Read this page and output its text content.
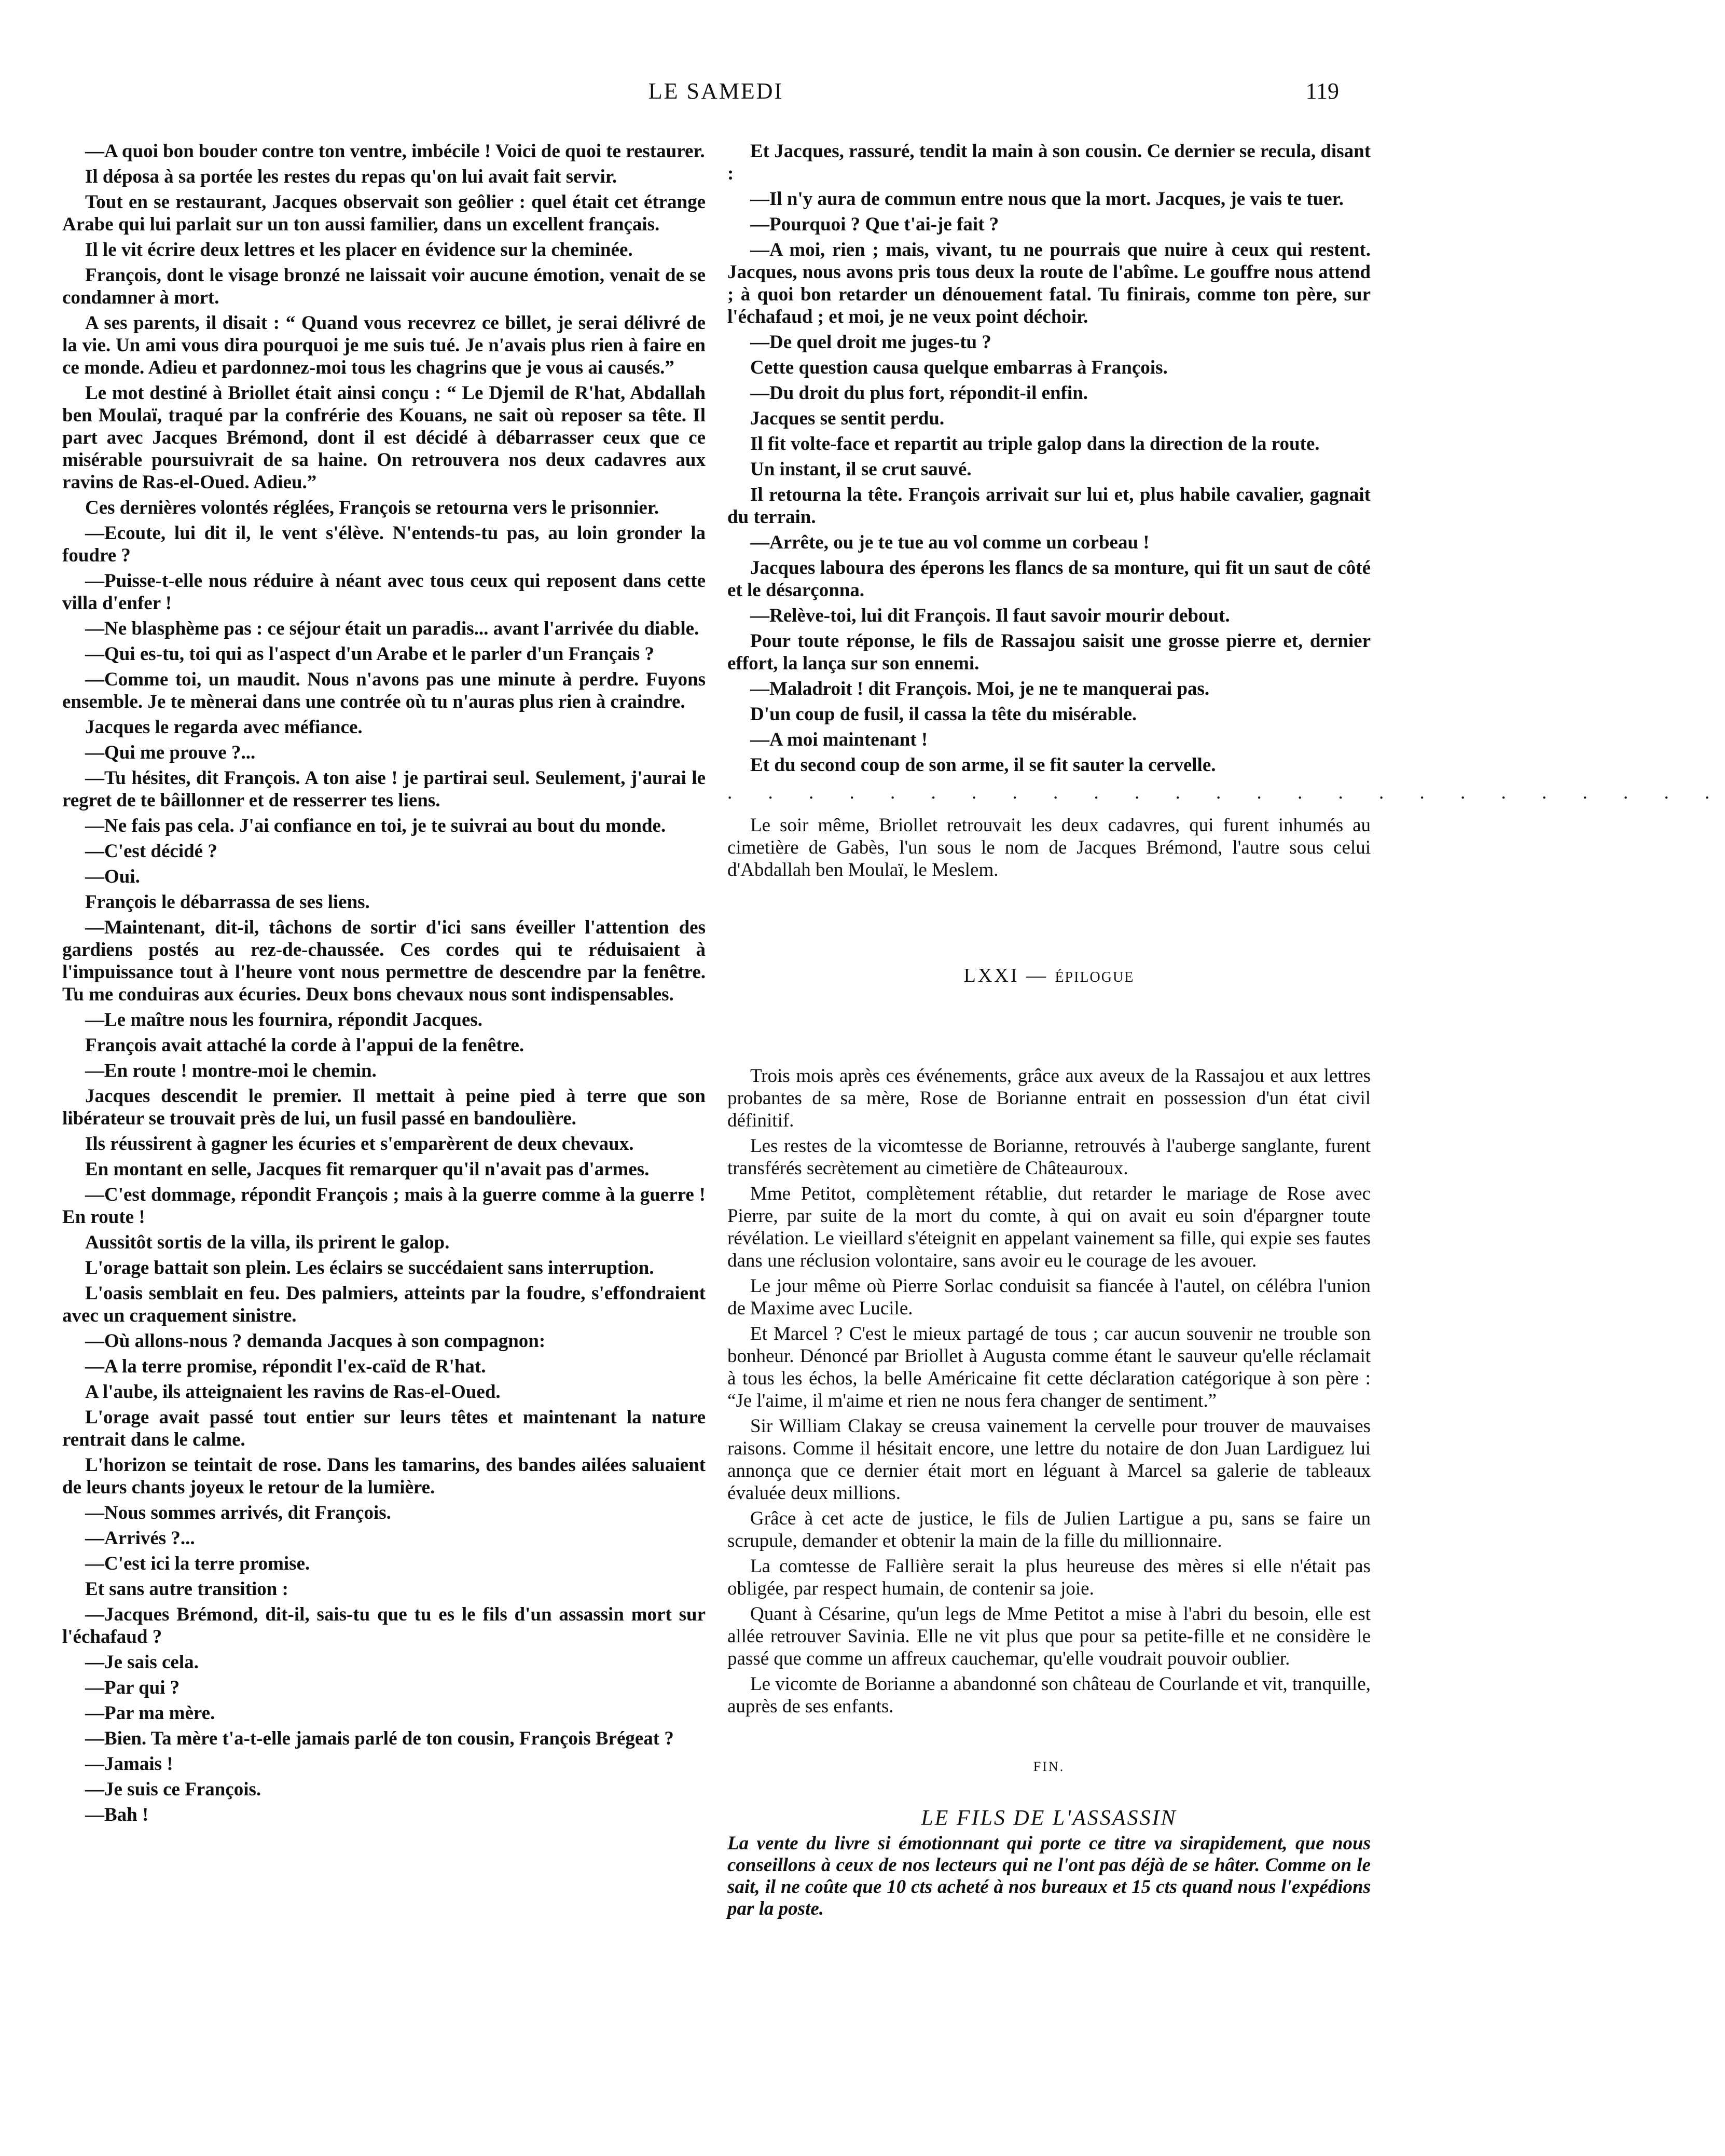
LE SAMEDI	119

—A quoi bon bouder contre ton ventre, imbécile ! Voici de quoi te restaurer.

Il déposa à sa portée les restes du repas qu'on lui avait fait servir.

Tout en se restaurant, Jacques observait son geôlier : quel était cet étrange Arabe qui lui parlait sur un ton aussi familier, dans un excellent français.

Il le vit écrire deux lettres et les placer en évidence sur la cheminée.

François, dont le visage bronzé ne laissait voir aucune émotion, venait de se condamner à mort.

A ses parents, il disait : “ Quand vous recevrez ce billet, je serai délivré de la vie. Un ami vous dira pourquoi je me suis tué. Je n'avais plus rien à faire en ce monde. Adieu et pardonnez-moi tous les chagrins que je vous ai causés.”

Le mot destiné à Briollet était ainsi conçu : “ Le Djemil de R'hat, Abdallah ben Moulaï, traqué par la confrérie des Kouans, ne sait où reposer sa tête. Il part avec Jacques Brémond, dont il est décidé à débarrasser ceux que ce misérable poursuivrait de sa haine. On retrouvera nos deux cadavres aux ravins de Ras-el-Oued. Adieu.”

Ces dernières volontés réglées, François se retourna vers le prisonnier.

—Ecoute, lui dit il, le vent s'élève. N'entends-tu pas, au loin gronder la foudre ?

—Puisse-t-elle nous réduire à néant avec tous ceux qui reposent dans cette villa d'enfer !

—Ne blasphème pas : ce séjour était un paradis... avant l'arrivée du diable.

—Qui es-tu, toi qui as l'aspect d'un Arabe et le parler d'un Français ?

—Comme toi, un maudit. Nous n'avons pas une minute à perdre. Fuyons ensemble. Je te mènerai dans une contrée où tu n'auras plus rien à craindre.

Jacques le regarda avec méfiance.

—Qui me prouve ?...

—Tu hésites, dit François. A ton aise ! je partirai seul. Seulement, j'aurai le regret de te bâillonner et de resserrer tes liens.

—Ne fais pas cela. J'ai confiance en toi, je te suivrai au bout du monde.

—C'est décidé ?

—Oui.

François le débarrassa de ses liens.

—Maintenant, dit-il, tâchons de sortir d'ici sans éveiller l'attention des gardiens postés au rez-de-chaussée. Ces cordes qui te réduisaient à l'impuissance tout à l'heure vont nous permettre de descendre par la fenêtre. Tu me conduiras aux écuries. Deux bons chevaux nous sont indispensables.

—Le maître nous les fournira, répondit Jacques.

François avait attaché la corde à l'appui de la fenêtre.

—En route ! montre-moi le chemin.

Jacques descendit le premier. Il mettait à peine pied à terre que son libérateur se trouvait près de lui, un fusil passé en bandoulière.

Ils réussirent à gagner les écuries et s'emparèrent de deux chevaux.

En montant en selle, Jacques fit remarquer qu'il n'avait pas d'armes.

—C'est dommage, répondit François ; mais à la guerre comme à la guerre ! En route !

Aussitôt sortis de la villa, ils prirent le galop.

L'orage battait son plein. Les éclairs se succédaient sans interruption.

L'oasis semblait en feu. Des palmiers, atteints par la foudre, s'effondraient avec un craquement sinistre.

—Où allons-nous ? demanda Jacques à son compagnon:

—A la terre promise, répondit l'ex-caïd de R'hat.

A l'aube, ils atteignaient les ravins de Ras-el-Oued.

L'orage avait passé tout entier sur leurs têtes et maintenant la nature rentrait dans le calme.

L'horizon se teintait de rose. Dans les tamarins, des bandes ailées saluaient de leurs chants joyeux le retour de la lumière.

—Nous sommes arrivés, dit François.

—Arrivés ?...

—C'est ici la terre promise.

Et sans autre transition :

—Jacques Brémond, dit-il, sais-tu que tu es le fils d'un assassin mort sur l'échafaud ?

—Je sais cela.

—Par qui ?

—Par ma mère.

—Bien. Ta mère t'a-t-elle jamais parlé de ton cousin, François Brégeat ?

—Jamais !

—Je suis ce François.

—Bah !

Et Jacques, rassuré, tendit la main à son cousin. Ce dernier se recula, disant :

—Il n'y aura de commun entre nous que la mort. Jacques, je vais te tuer.

—Pourquoi ? Que t'ai-je fait ?

—A moi, rien ; mais, vivant, tu ne pourrais que nuire à ceux qui restent. Jacques, nous avons pris tous deux la route de l'abîme. Le gouffre nous attend ; à quoi bon retarder un dénouement fatal. Tu finirais, comme ton père, sur l'échafaud ; et moi, je ne veux point déchoir.

—De quel droit me juges-tu ?

Cette question causa quelque embarras à François.

—Du droit du plus fort, répondit-il enfin.

Jacques se sentit perdu.

Il fit volte-face et repartit au triple galop dans la direction de la route.

Un instant, il se crut sauvé.

Il retourna la tête. François arrivait sur lui et, plus habile cavalier, gagnait du terrain.

—Arrête, ou je te tue au vol comme un corbeau !

Jacques laboura des éperons les flancs de sa monture, qui fit un saut de côté et le désarçonna.

—Relève-toi, lui dit François. Il faut savoir mourir debout.

Pour toute réponse, le fils de Rassajou saisit une grosse pierre et, dernier effort, la lança sur son ennemi.

—Maladroit ! dit François. Moi, je ne te manquerai pas.

D'un coup de fusil, il cassa la tête du misérable.

—A moi maintenant !

Et du second coup de son arme, il se fit sauter la cervelle.

. . . . . . . . . . . . . . . . . . . . . . . . .

Le soir même, Briollet retrouvait les deux cadavres, qui furent inhumés au cimetière de Gabès, l'un sous le nom de Jacques Brémond, l'autre sous celui d'Abdallah ben Moulaï, le Meslem.

LXXI — ÉPILOGUE

Trois mois après ces événements, grâce aux aveux de la Rassajou et aux lettres probantes de sa mère, Rose de Borianne entrait en possession d'un état civil définitif.

Les restes de la vicomtesse de Borianne, retrouvés à l'auberge sanglante, furent transférés secrètement au cimetière de Châteauroux.

Mme Petitot, complètement rétablie, dut retarder le mariage de Rose avec Pierre, par suite de la mort du comte, à qui on avait eu soin d'épargner toute révélation. Le vieillard s'éteignit en appelant vainement sa fille, qui expie ses fautes dans une réclusion volontaire, sans avoir eu le courage de les avouer.

Le jour même où Pierre Sorlac conduisit sa fiancée à l'autel, on célébra l'union de Maxime avec Lucile.

Et Marcel ? C'est le mieux partagé de tous ; car aucun souvenir ne trouble son bonheur. Dénoncé par Briollet à Augusta comme étant le sauveur qu'elle réclamait à tous les échos, la belle Américaine fit cette déclaration catégorique à son père : “Je l'aime, il m'aime et rien ne nous fera changer de sentiment.”

Sir William Clakay se creusa vainement la cervelle pour trouver de mauvaises raisons. Comme il hésitait encore, une lettre du notaire de don Juan Lardiguez lui annonça que ce dernier était mort en léguant à Marcel sa galerie de tableaux évaluée deux millions.

Grâce à cet acte de justice, le fils de Julien Lartigue a pu, sans se faire un scrupule, demander et obtenir la main de la fille du millionnaire.

La comtesse de Fallière serait la plus heureuse des mères si elle n'était pas obligée, par respect humain, de contenir sa joie.

Quant à Césarine, qu'un legs de Mme Petitot a mise à l'abri du besoin, elle est allée retrouver Savinia. Elle ne vit plus que pour sa petite-fille et ne considère le passé que comme un affreux cauchemar, qu'elle voudrait pouvoir oublier.

Le vicomte de Borianne a abandonné son château de Courlande et vit, tranquille, auprès de ses enfants.

FIN.
LE FILS DE L'ASSASSIN

La vente du livre si émotionnant qui porte ce titre va sirapidement, que nous conseillons à ceux de nos lecteurs qui ne l'ont pas déjà de se hâter. Comme on le sait, il ne coûte que 10 cts acheté à nos bureaux et 15 cts quand nous l'expédions par la poste.
